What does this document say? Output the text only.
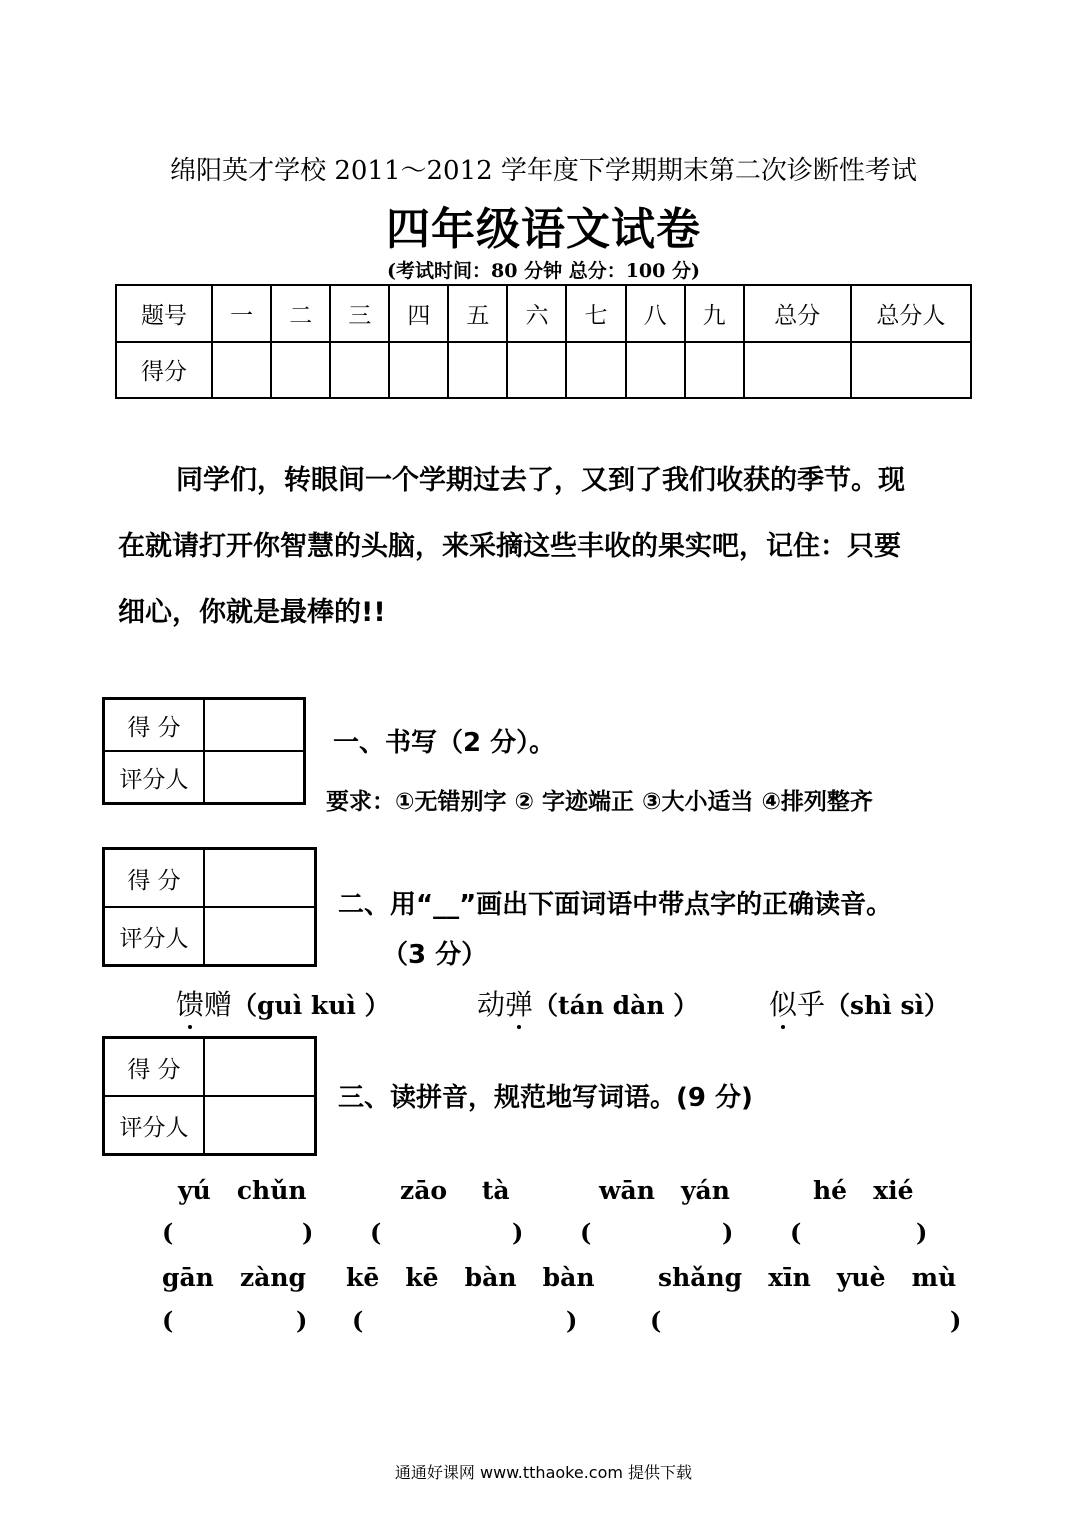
绵阳英才学校 2011～2012 学年度下学期期末第二次诊断性考试
四年级语文试卷
(考试时间：80 分钟 总分：100 分)
题号	一	二	三	四	五	六	七	八	九	总分	总分人
得分											
同学们，转眼间一个学期过去了，又到了我们收获的季节。现
在就请打开你智慧的头脑，来采摘这些丰收的果实吧，记住：只要
细心，你就是最棒的!!
得 分
评分人
一、书写（2 分）。
要求：①无错别字 ② 字迹端正 ③大小适当 ④排列整齐
得 分
评分人
二、用“__”画出下面词语中带点字的正确读音。
（3 分）
馈赠（guì kuì ）	动弹（tán dàn ）	似乎（shì sì）
得 分
评分人
三、读拼音，规范地写词语。(9 分)
yú   chǔn	zāo    tà	wān   yán	hé   xié
(	) (	) (	) (	)
gān   zàng kē   kē   bàn   bàn	shǎng   xīn   yuè   mù
(	) (	)	(	)
通通好课网 www.tthaoke.com 提供下载
